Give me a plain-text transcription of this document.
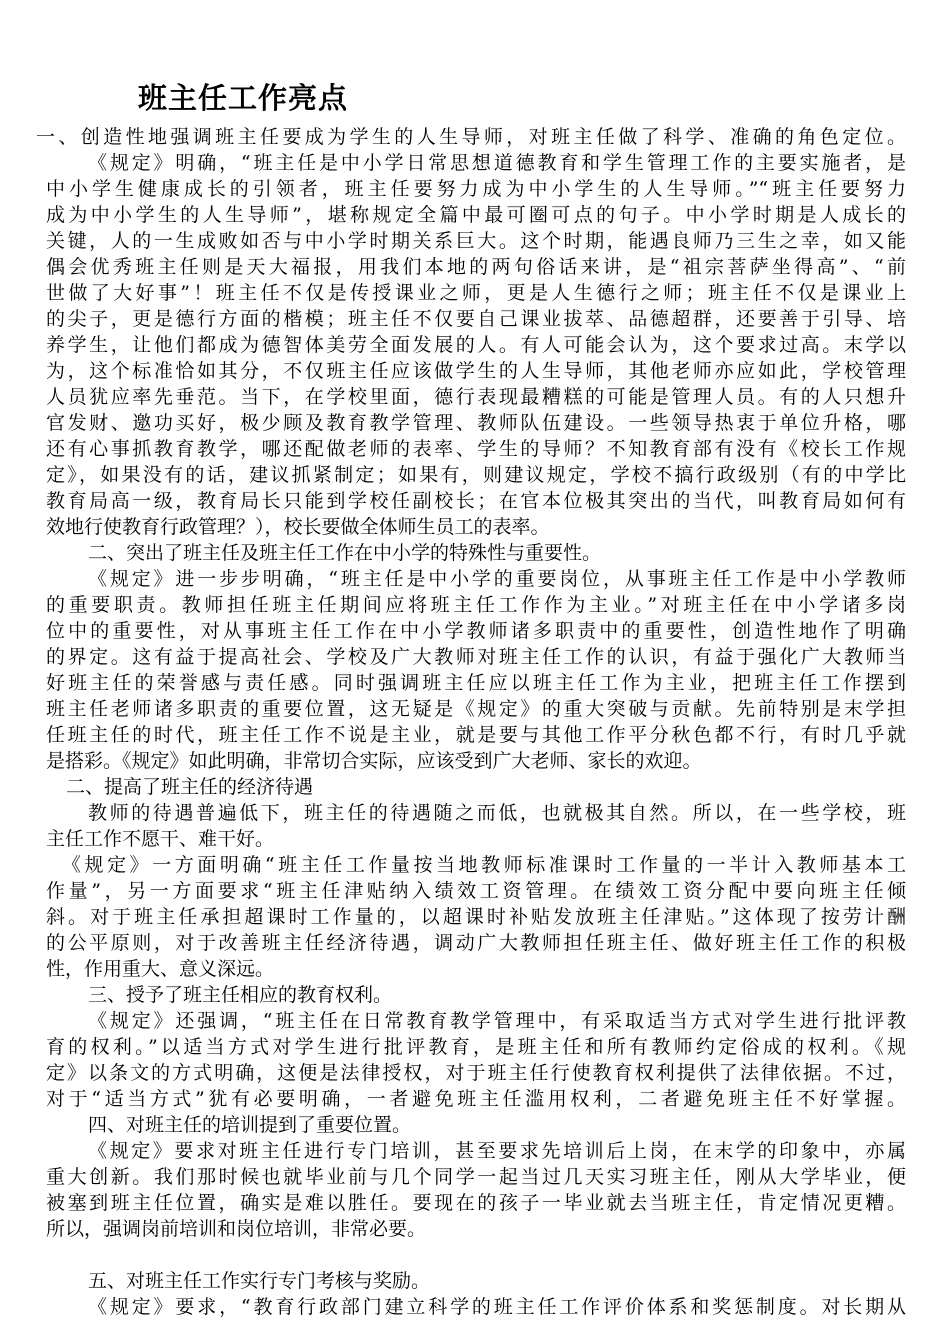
班主任工作亮点
一、创造性地强调班主任要成为学生的人生导师，对班主任做了科学、准确的角色定位。
《规定》明确，“班主任是中小学日常思想道德教育和学生管理工作的主要实施者，是
中小学生健康成长的引领者，班主任要努力成为中小学生的人生导师。”“班主任要努力
成为中小学生的人生导师”，堪称规定全篇中最可圈可点的句子。中小学时期是人成长的
关键，人的一生成败如否与中小学时期关系巨大。这个时期，能遇良师乃三生之幸，如又能
偶会优秀班主任则是天大福报，用我们本地的两句俗话来讲，是“祖宗菩萨坐得高”、“前
世做了大好事”！班主任不仅是传授课业之师，更是人生德行之师；班主任不仅是课业上
的尖子，更是德行方面的楷模；班主任不仅要自己课业拔萃、品德超群，还要善于引导、培
养学生，让他们都成为德智体美劳全面发展的人。有人可能会认为，这个要求过高。末学以
为，这个标准恰如其分，不仅班主任应该做学生的人生导师，其他老师亦应如此，学校管理
人员犹应率先垂范。当下，在学校里面，德行表现最糟糕的可能是管理人员。有的人只想升
官发财、邀功买好，极少顾及教育教学管理、教师队伍建设。一些领导热衷于单位升格，哪
还有心事抓教育教学，哪还配做老师的表率、学生的导师？不知教育部有没有《校长工作规
定》，如果没有的话，建议抓紧制定；如果有，则建议规定，学校不搞行政级别（有的中学比
教育局高一级，教育局长只能到学校任副校长；在官本位极其突出的当代，叫教育局如何有
效地行使教育行政管理？），校长要做全体师生员工的表率。
二、突出了班主任及班主任工作在中小学的特殊性与重要性。
《规定》进一步步明确，“班主任是中小学的重要岗位，从事班主任工作是中小学教师
的重要职责。教师担任班主任期间应将班主任工作作为主业。”对班主任在中小学诸多岗
位中的重要性，对从事班主任工作在中小学教师诸多职责中的重要性，创造性地作了明确
的界定。这有益于提高社会、学校及广大教师对班主任工作的认识，有益于强化广大教师当
好班主任的荣誉感与责任感。同时强调班主任应以班主任工作为主业，把班主任工作摆到
班主任老师诸多职责的重要位置，这无疑是《规定》的重大突破与贡献。先前特别是末学担
任班主任的时代，班主任工作不说是主业，就是要与其他工作平分秋色都不行，有时几乎就
是搭彩。《规定》如此明确，非常切合实际，应该受到广大老师、家长的欢迎。
二、提高了班主任的经济待遇
教师的待遇普遍低下，班主任的待遇随之而低，也就极其自然。所以，在一些学校，班
主任工作不愿干、难干好。
《规定》一方面明确“班主任工作量按当地教师标准课时工作量的一半计入教师基本工
作量”，另一方面要求“班主任津贴纳入绩效工资管理。在绩效工资分配中要向班主任倾
斜。对于班主任承担超课时工作量的，以超课时补贴发放班主任津贴。”这体现了按劳计酬
的公平原则，对于改善班主任经济待遇，调动广大教师担任班主任、做好班主任工作的积极
性，作用重大、意义深远。
三、授予了班主任相应的教育权利。
《规定》还强调，“班主任在日常教育教学管理中，有采取适当方式对学生进行批评教
育的权利。”以适当方式对学生进行批评教育，是班主任和所有教师约定俗成的权利。《规
定》以条文的方式明确，这便是法律授权，对于班主任行使教育权利提供了法律依据。不过，
对于“适当方式”犹有必要明确，一者避免班主任滥用权利，二者避免班主任不好掌握。
四、对班主任的培训提到了重要位置。
《规定》要求对班主任进行专门培训，甚至要求先培训后上岗，在末学的印象中，亦属
重大创新。我们那时候也就毕业前与几个同学一起当过几天实习班主任，刚从大学毕业，便
被塞到班主任位置，确实是难以胜任。要现在的孩子一毕业就去当班主任，肯定情况更糟。
所以，强调岗前培训和岗位培训，非常必要。
五、对班主任工作实行专门考核与奖励。
《规定》要求，“教育行政部门建立科学的班主任工作评价体系和奖惩制度。对长期从
